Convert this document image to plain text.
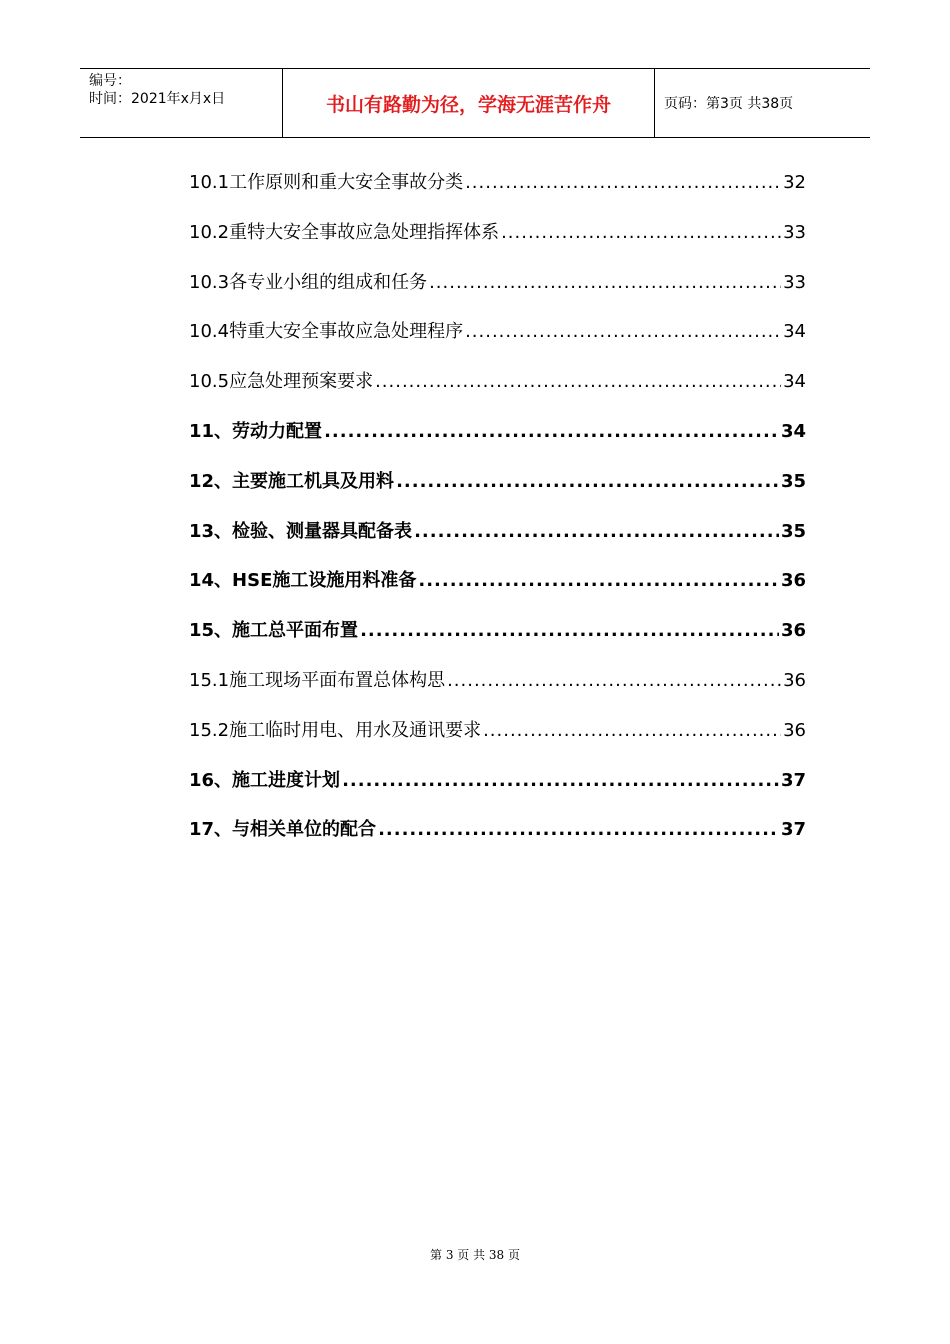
编号：
时间：2021年x月x日	书山有路勤为径，学海无涯苦作舟	页码：第3页 共38页
10.1工作原则和重大安全事故分类 .....	32
10.2重特大安全事故应急处理指挥体系 .....	33
10.3各专业小组的组成和任务 .....	33
10.4特重大安全事故应急处理程序 .....	34
10.5应急处理预案要求 .....	34
11、劳动力配置 .....	34
12、主要施工机具及用料 .....	35
13、检验、测量器具配备表 .....	35
14、HSE施工设施用料准备 .....	36
15、施工总平面布置 .....	36
15.1施工现场平面布置总体构思 .....	36
15.2施工临时用电、用水及通讯要求 .....	36
16、施工进度计划 .....	37
17、与相关单位的配合 .....	37
第 3 页 共 38 页
